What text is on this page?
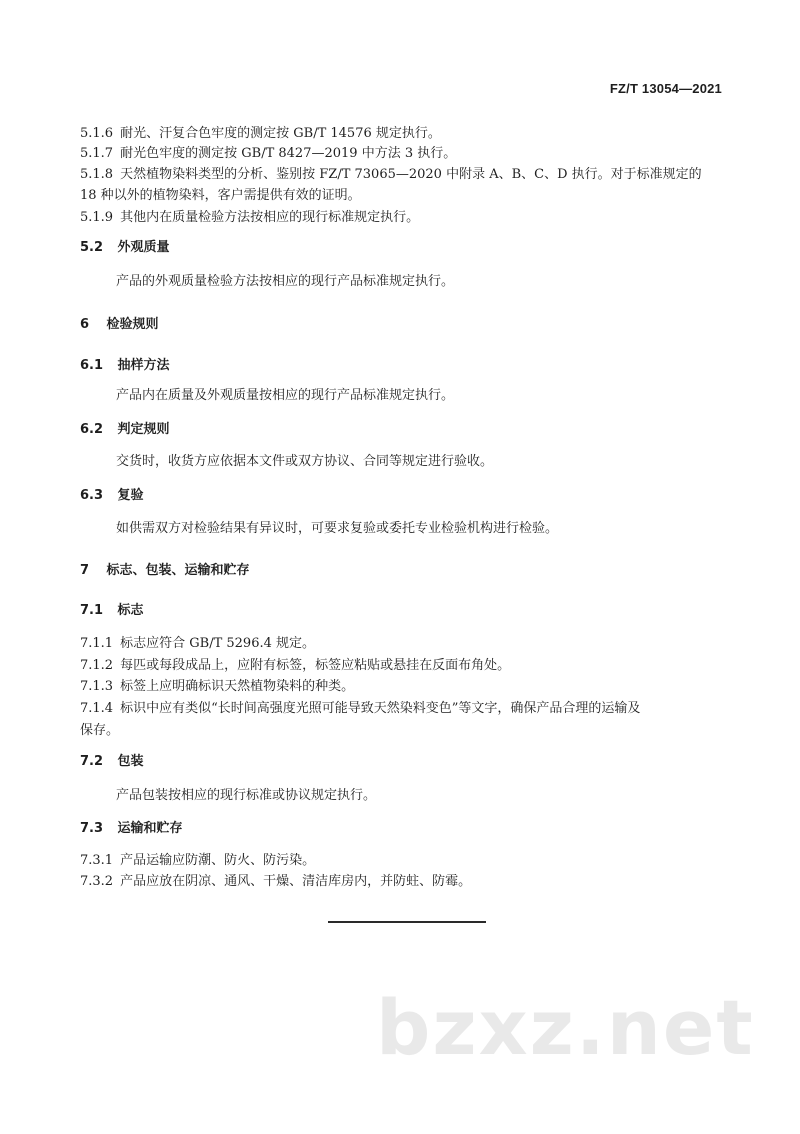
FZ/T 13054—2021
5.1.6 耐光、汗复合色牢度的测定按 GB/T 14576 规定执行。
5.1.7 耐光色牢度的测定按 GB/T 8427—2019 中方法 3 执行。
5.1.8 天然植物染料类型的分析、鉴别按 FZ/T 73065—2020 中附录 A、B、C、D 执行。对于标准规定的
18 种以外的植物染料，客户需提供有效的证明。
5.1.9 其他内在质量检验方法按相应的现行标准规定执行。
5.2 外观质量
产品的外观质量检验方法按相应的现行产品标准规定执行。
6 检验规则
6.1 抽样方法
产品内在质量及外观质量按相应的现行产品标准规定执行。
6.2 判定规则
交货时，收货方应依据本文件或双方协议、合同等规定进行验收。
6.3 复验
如供需双方对检验结果有异议时，可要求复验或委托专业检验机构进行检验。
7 标志、包装、运输和贮存
7.1 标志
7.1.1 标志应符合 GB/T 5296.4 规定。
7.1.2 每匹或每段成品上，应附有标签，标签应粘贴或悬挂在反面布角处。
7.1.3 标签上应明确标识天然植物染料的种类。
7.1.4 标识中应有类似“长时间高强度光照可能导致天然染料变色”等文字，确保产品合理的运输及
保存。
7.2 包装
产品包装按相应的现行标准或协议规定执行。
7.3 运输和贮存
7.3.1 产品运输应防潮、防火、防污染。
7.3.2 产品应放在阴凉、通风、干燥、清洁库房内，并防蛀、防霉。
bzxz.net
